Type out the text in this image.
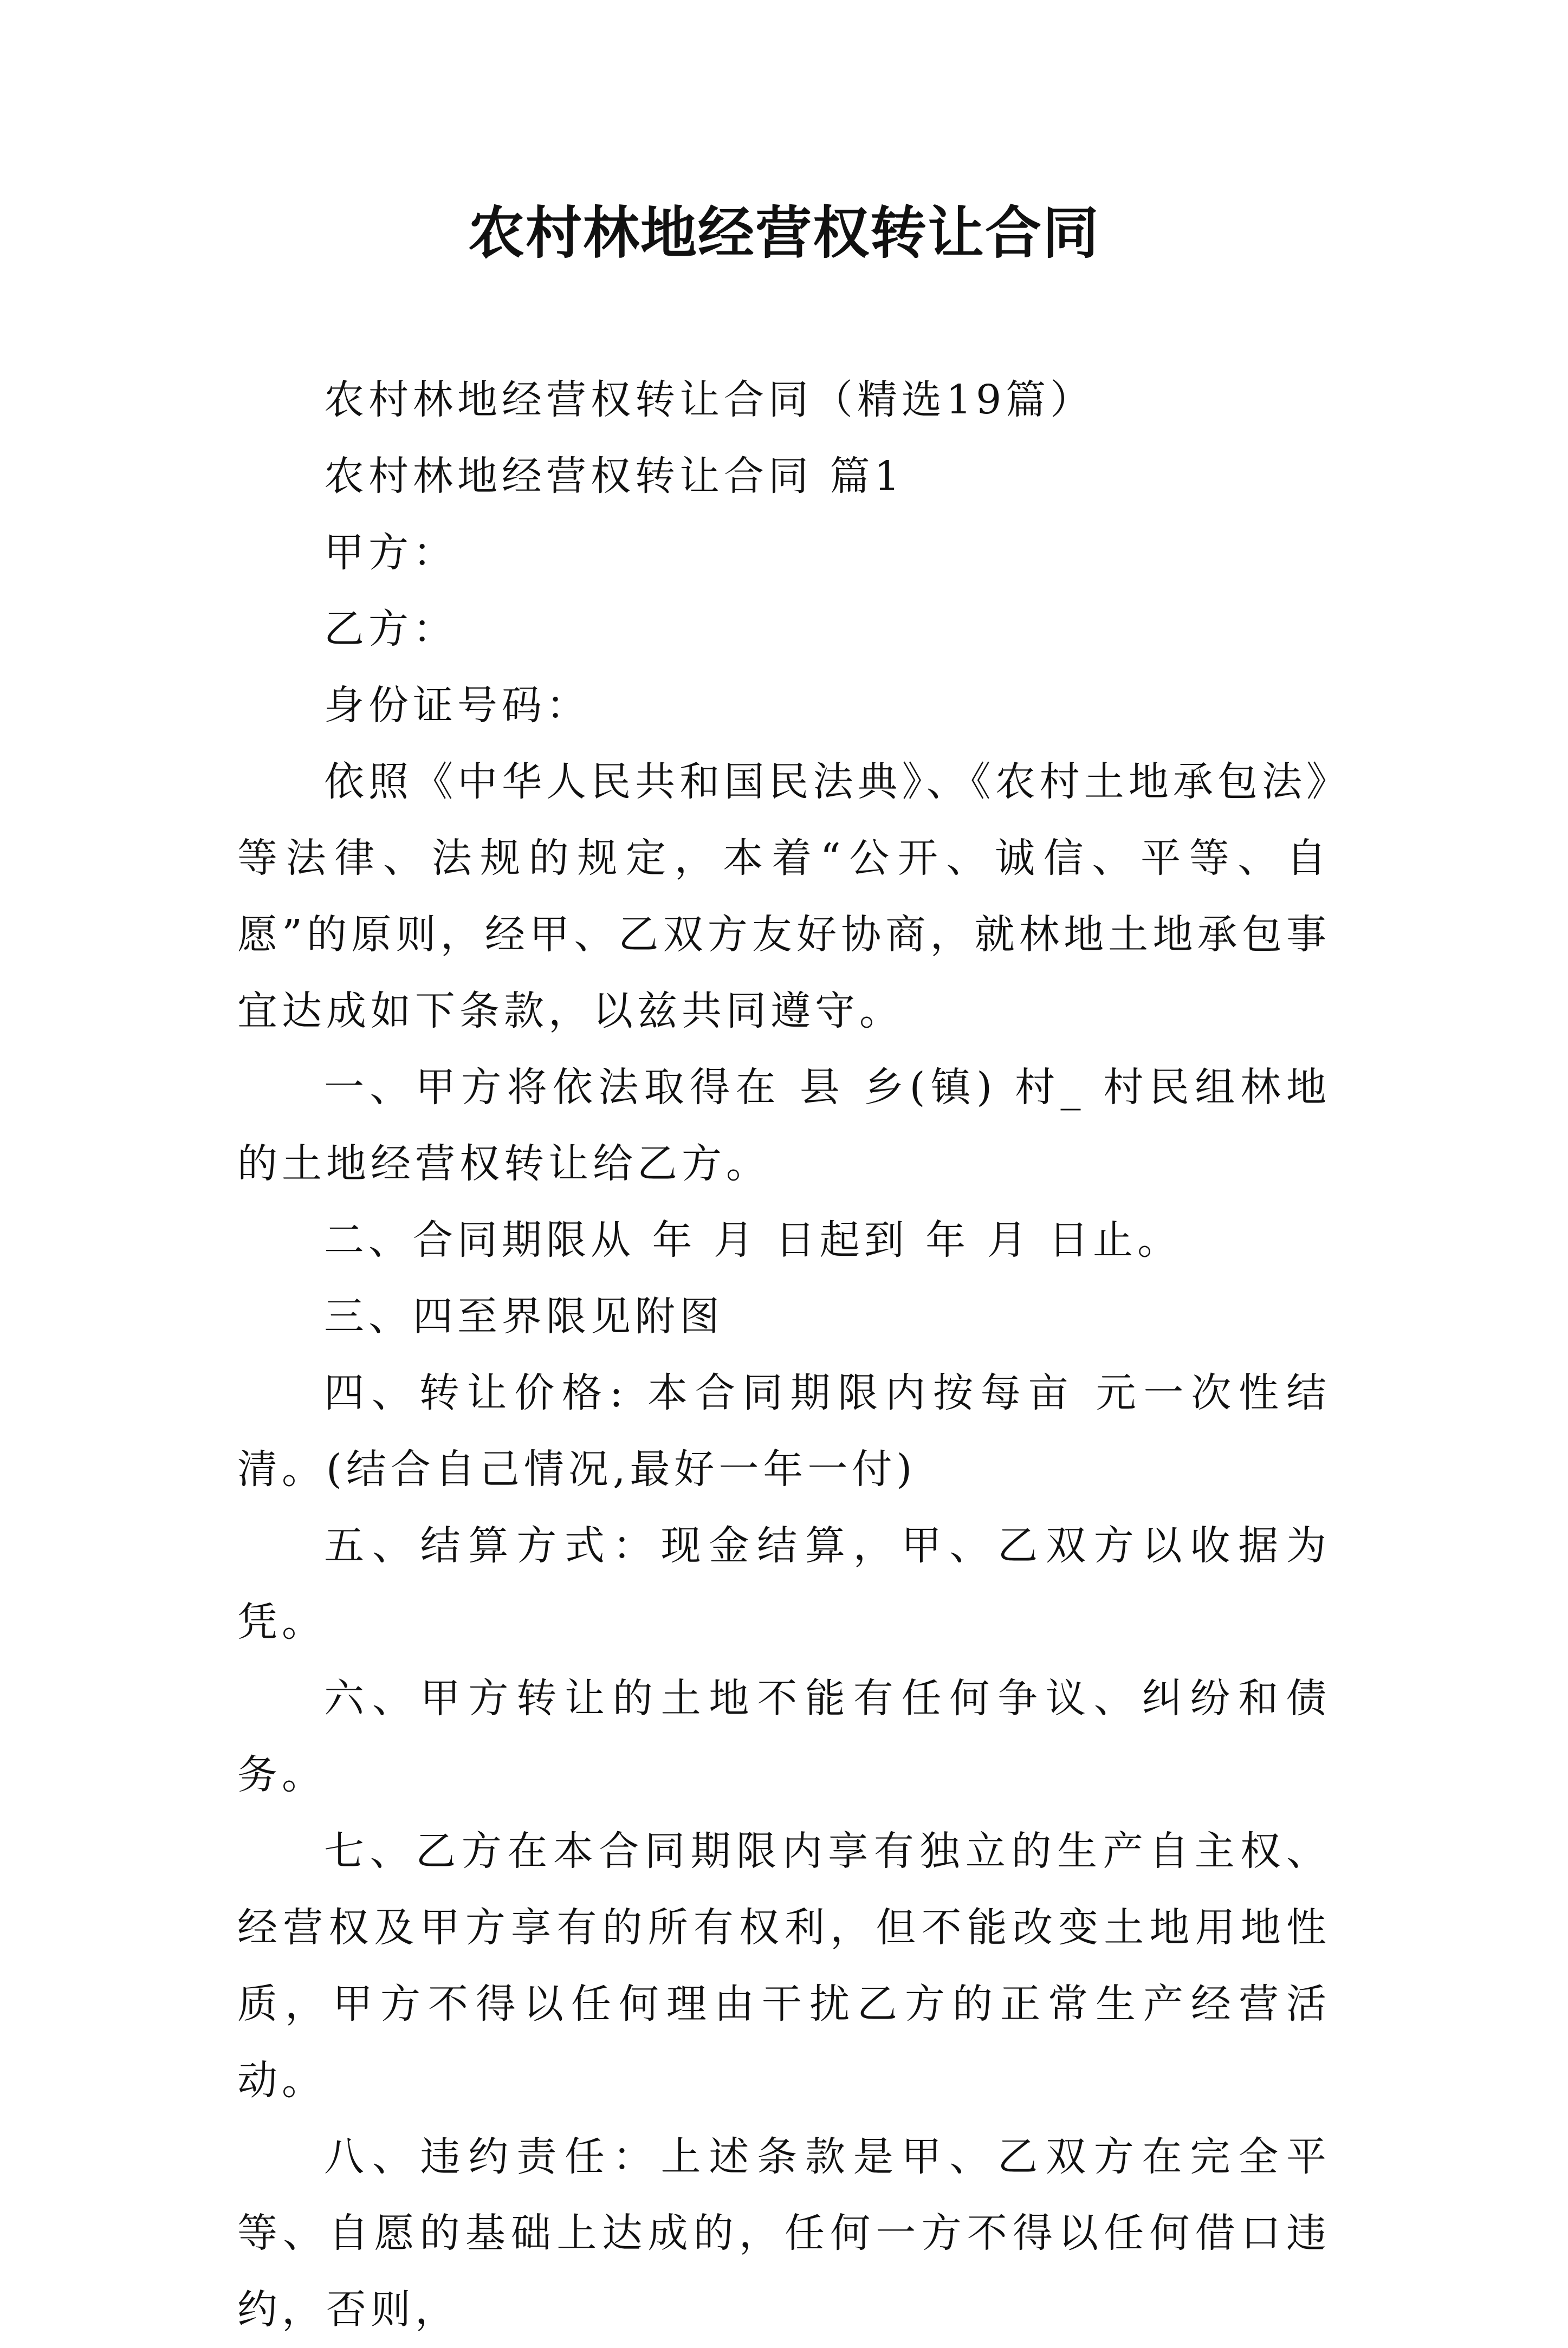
农村林地经营权转让合同

农村林地经营权转让合同（精选19篇）

农村林地经营权转让合同 篇1

甲方：

乙方：

身份证号码：

依照《中华人民共和国民法典》、《农村土地承包法》等法律、法规的规定，本着“公开、诚信、平等、自愿”的原则，经甲、乙双方友好协商，就林地土地承包事宜达成如下条款，以兹共同遵守。

一、甲方将依法取得在 县 乡(镇) 村_ 村民组林地的土地经营权转让给乙方。

二、合同期限从 年 月 日起到 年 月 日止。

三、四至界限见附图

四、转让价格: 本合同期限内按每亩 元一次性结清。(结合自己情况,最好一年一付)

五、结算方式：现金结算，甲、乙双方以收据为凭。

六、甲方转让的土地不能有任何争议、纠纷和债务。

七、乙方在本合同期限内享有独立的生产自主权、经营权及甲方享有的所有权利，但不能改变土地用地性质，甲方不得以任何理由干扰乙方的正常生产经营活动。

八、违约责任：上述条款是甲、乙双方在完全平等、自愿的基础上达成的，任何一方不得以任何借口违约，否则，
